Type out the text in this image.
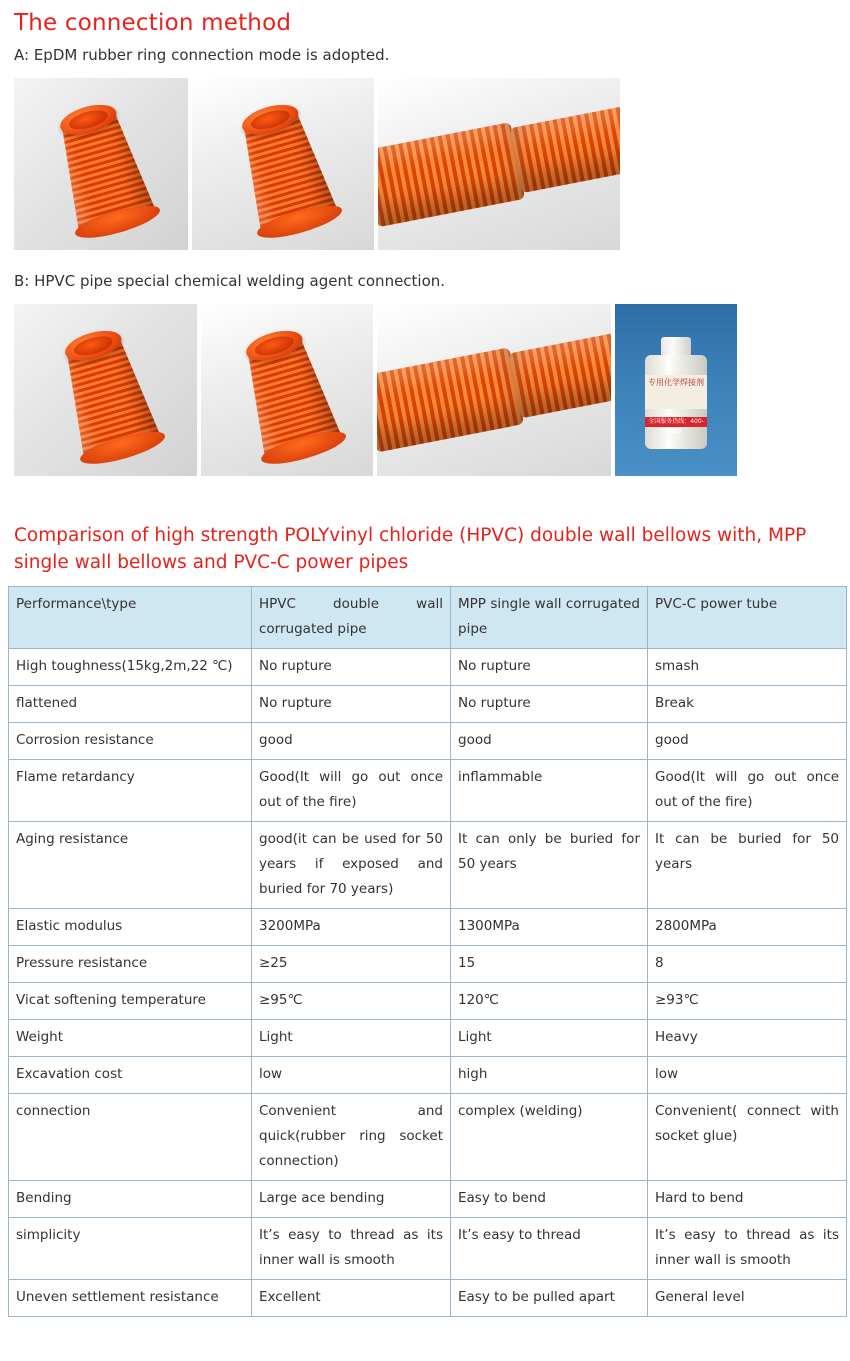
The connection method
A: EpDM rubber ring connection mode is adopted.
B: HPVC pipe special chemical welding agent connection.
专用化学焊接剂
全国服务热线：400-888
Comparison of high strength POLYvinyl chloride (HPVC) double wall bellows with, MPP single wall bellows and PVC-C power pipes
Performance\type	HPVC double wall corrugated pipe	MPP single wall corrugated pipe	PVC-C power tube
High toughness(15kg,2m,22 ℃)	No rupture	No rupture	smash
flattened	No rupture	No rupture	Break
Corrosion resistance	good	good	good
Flame retardancy	Good(It will go out once out of the fire)	inflammable	Good(It will go out once out of the fire)
Aging resistance	good(it can be used for 50 years if exposed and buried for 70 years)	It can only be buried for 50 years	It can be buried for 50 years
Elastic modulus	3200MPa	1300MPa	2800MPa
Pressure resistance	≥25	15	8
Vicat softening temperature	≥95℃	120℃	≥93℃
Weight	Light	Light	Heavy
Excavation cost	low	high	low
connection	Convenient and quick(rubber ring socket connection)	complex (welding)	Convenient( connect with socket glue)
Bending	Large ace bending	Easy to bend	Hard to bend
simplicity	It’s easy to thread as its inner wall is smooth	It’s easy to thread	It’s easy to thread as its inner wall is smooth
Uneven settlement resistance	Excellent	Easy to be pulled apart	General level
